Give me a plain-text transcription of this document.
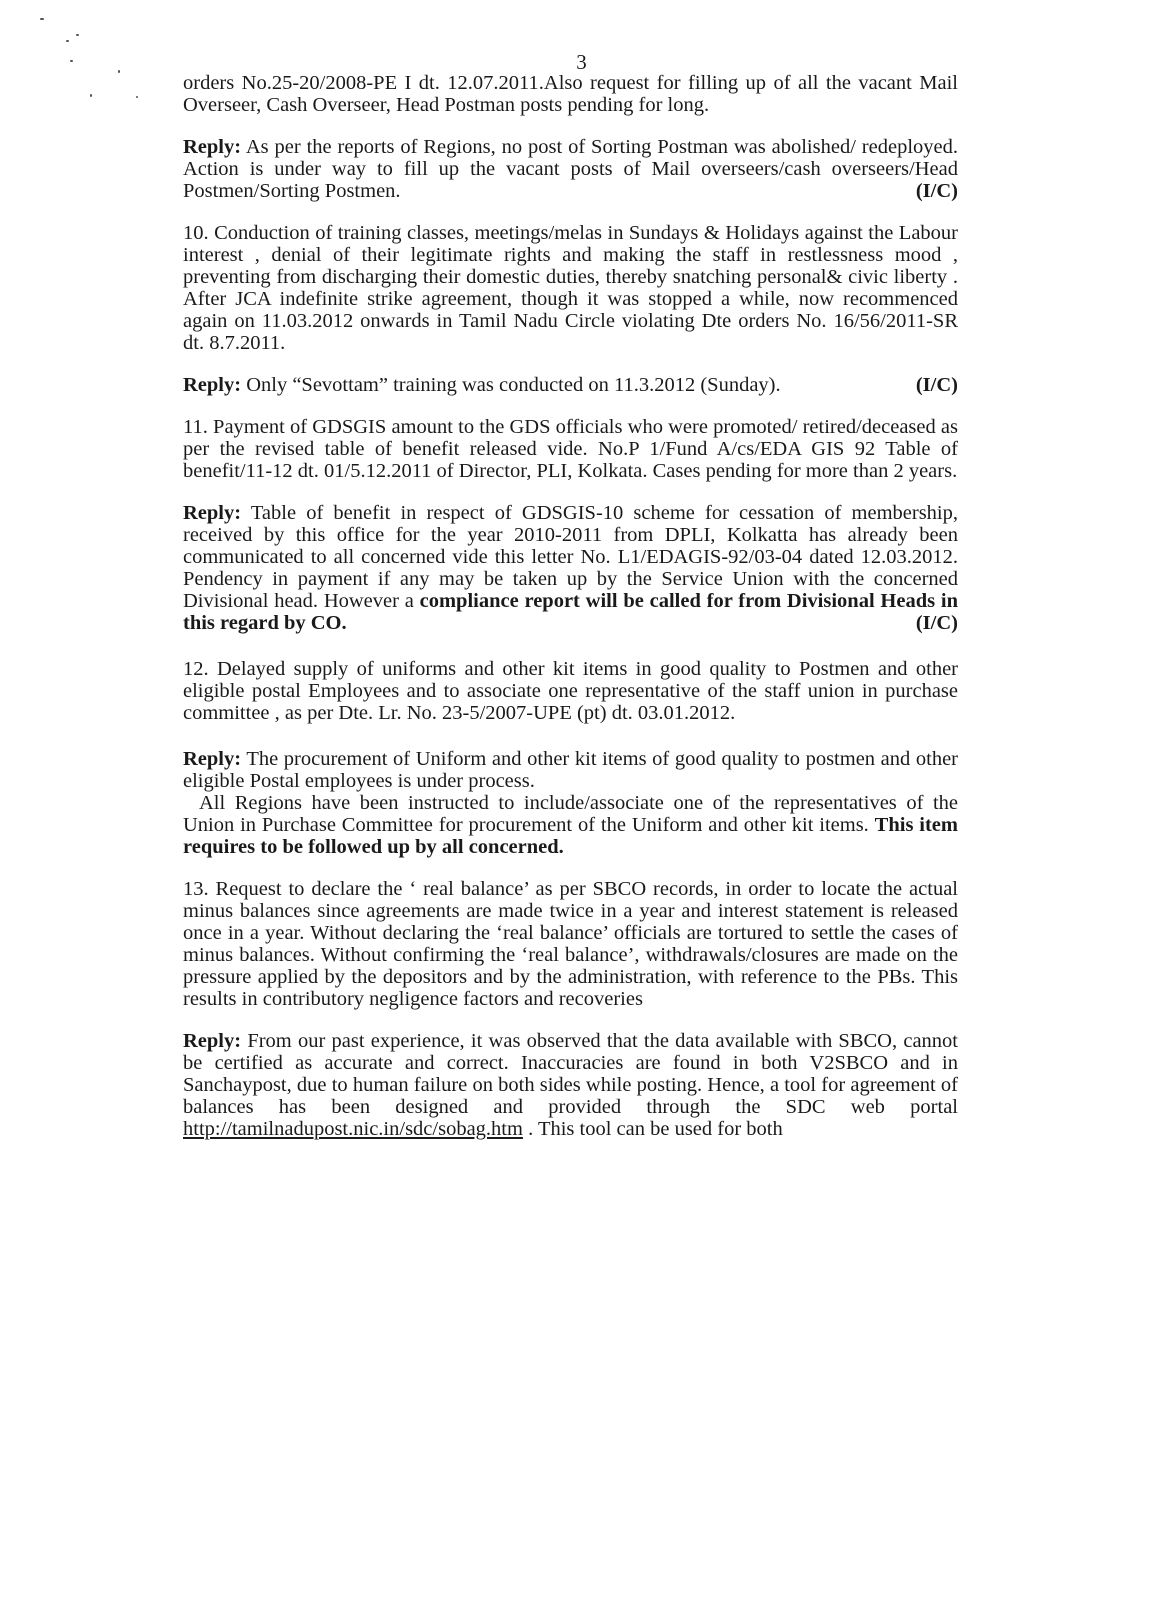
3

orders No.25-20/2008-PE I dt. 12.07.2011.Also request for filling up of all the vacant Mail Overseer, Cash Overseer, Head Postman posts pending for long.

Reply: As per the reports of Regions, no post of Sorting Postman was abolished/ redeployed. Action is under way to fill up the vacant posts of Mail overseers/cash overseers/Head Postmen/Sorting Postmen.	(I/C)

10. Conduction of training classes, meetings/melas in Sundays & Holidays against the Labour interest , denial of their legitimate rights and making the staff in restlessness mood , preventing from discharging their domestic duties, thereby snatching personal& civic liberty . After JCA indefinite strike agreement, though it was stopped a while, now recommenced again on 11.03.2012 onwards in Tamil Nadu Circle violating Dte orders No. 16/56/2011-SR dt. 8.7.2011.

Reply: Only “Sevottam” training was conducted on 11.3.2012 (Sunday).	(I/C)

11. Payment of GDSGIS amount to the GDS officials who were promoted/ retired/deceased as per the revised table of benefit released vide. No.P 1/Fund A/cs/EDA GIS 92 Table of benefit/11-12 dt. 01/5.12.2011 of Director, PLI, Kolkata. Cases pending for more than 2 years.

Reply: Table of benefit in respect of GDSGIS-10 scheme for cessation of membership, received by this office for the year 2010-2011 from DPLI, Kolkatta has already been communicated to all concerned vide this letter No. L1/EDAGIS-92/03-04 dated 12.03.2012. Pendency in payment if any may be taken up by the Service Union with the concerned Divisional head. However a compliance report will be called for from Divisional Heads in this regard by CO.	(I/C)

12. Delayed supply of uniforms and other kit items in good quality to Postmen and other eligible postal Employees and to associate one representative of the staff union in purchase committee , as per Dte. Lr. No. 23-5/2007-UPE (pt) dt. 03.01.2012.

Reply: The procurement of Uniform and other kit items of good quality to postmen and other eligible Postal employees is under process.

All Regions have been instructed to include/associate one of the representatives of the Union in Purchase Committee for procurement of the Uniform and other kit items. This item requires to be followed up by all concerned.

13. Request to declare the ‘ real balance’ as per SBCO records, in order to locate the actual minus balances since agreements are made twice in a year and interest statement is released once in a year. Without declaring the ‘real balance’ officials are tortured to settle the cases of minus balances. Without confirming the ‘real balance’, withdrawals/closures are made on the pressure applied by the depositors and by the administration, with reference to the PBs. This results in contributory negligence factors and recoveries

Reply: From our past experience, it was observed that the data available with SBCO, cannot be certified as accurate and correct. Inaccuracies are found in both V2SBCO and in Sanchaypost, due to human failure on both sides while posting. Hence, a tool for agreement of balances has been designed and provided through the SDC web portal http://tamilnadupost.nic.in/sdc/sobag.htm . This tool can be used for both
